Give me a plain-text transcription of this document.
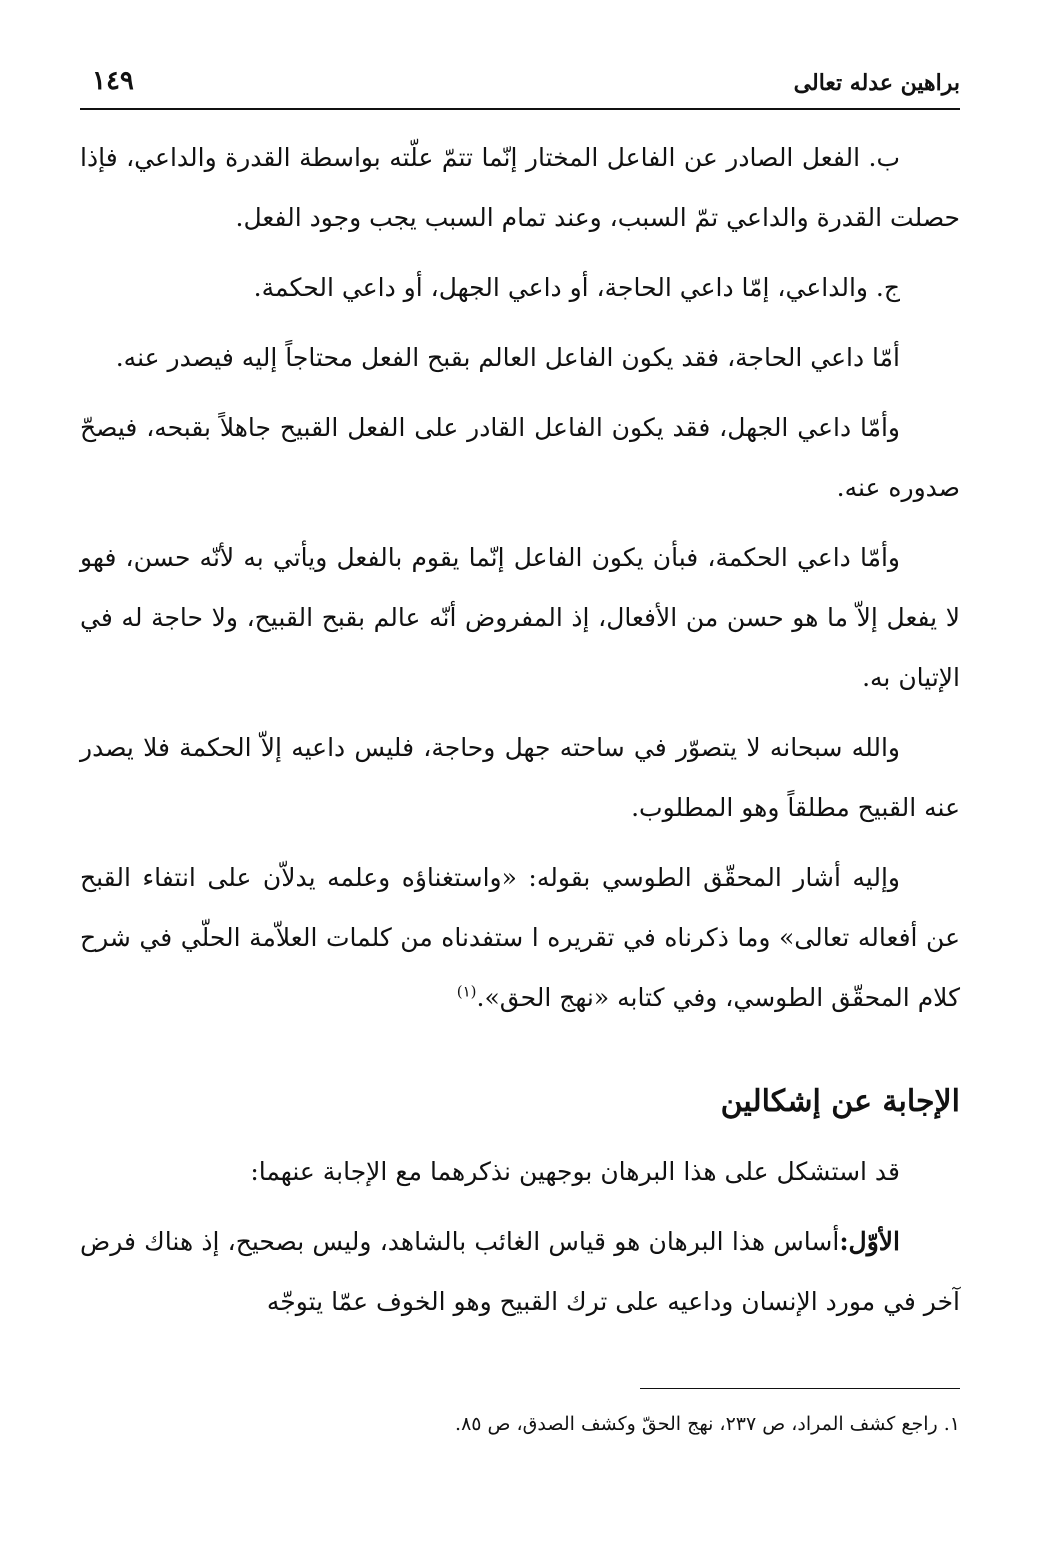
براهين عدله تعالى
١٤٩

ب. الفعل الصادر عن الفاعل المختار إنّما تتمّ علّته بواسطة القدرة والداعي، فإذا حصلت القدرة والداعي تمّ السبب، وعند تمام السبب يجب وجود الفعل.

ج. والداعي، إمّا داعي الحاجة، أو داعي الجهل، أو داعي الحكمة.

أمّا داعي الحاجة، فقد يكون الفاعل العالم بقبح الفعل محتاجاً إليه فيصدر عنه.

وأمّا داعي الجهل، فقد يكون الفاعل القادر على الفعل القبيح جاهلاً بقبحه، فيصحّ صدوره عنه.

وأمّا داعي الحكمة، فبأن يكون الفاعل إنّما يقوم بالفعل ويأتي به لأنّه حسن، فهو لا يفعل إلاّ ما هو حسن من الأفعال، إذ المفروض أنّه عالم بقبح القبيح، ولا حاجة له في الإتيان به.

والله سبحانه لا يتصوّر في ساحته جهل وحاجة، فليس داعيه إلاّ الحكمة فلا يصدر عنه القبيح مطلقاً وهو المطلوب.

وإليه أشار المحقّق الطوسي بقوله: «واستغناؤه وعلمه يدلاّن على انتفاء القبح عن أفعاله تعالى» وما ذكرناه في تقريره ا ستفدناه من كلمات العلاّمة الحلّي في شرح كلام المحقّق الطوسي، وفي كتابه «نهج الحق».$^{(١)}$

الإجابة عن إشكالين

قد استشكل على هذا البرهان بوجهين نذكرهما مع الإجابة عنهما:

الأوّل:أساس هذا البرهان هو قياس الغائب بالشاهد، وليس بصحيح، إذ هناك فرض آخر في مورد الإنسان وداعيه على ترك القبيح وهو الخوف عمّا يتوجّه

١. راجع كشف المراد، ص ٢٣٧، نهج الحقّ وكشف الصدق، ص ٨٥.
